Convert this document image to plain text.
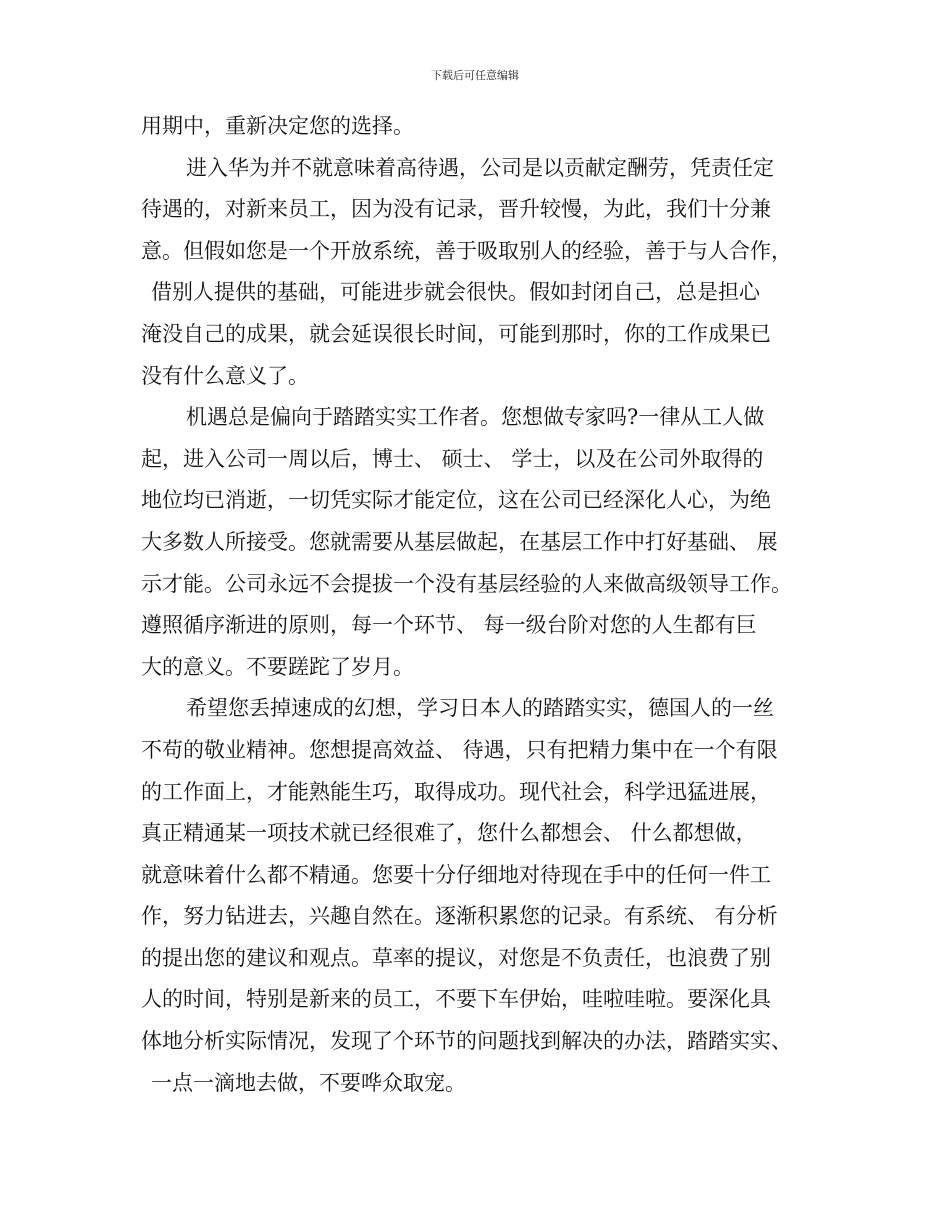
下载后可任意编辑
用期中，重新决定您的选择。
进入华为并不就意味着高待遇，公司是以贡献定酬劳，凭责任定
待遇的，对新来员工，因为没有记录，晋升较慢，为此，我们十分兼
意。但假如您是一个开放系统，善于吸取别人的经验，善于与人合作，
借别人提供的基础，可能进步就会很快。假如封闭自己，总是担心
淹没自己的成果，就会延误很长时间，可能到那时，你的工作成果已
没有什么意义了。
机遇总是偏向于踏踏实实工作者。您想做专家吗?一律从工人做
起，进入公司一周以后，博士、 硕士、 学士，以及在公司外取得的
地位均已消逝，一切凭实际才能定位，这在公司已经深化人心，为绝
大多数人所接受。您就需要从基层做起，在基层工作中打好基础、 展
示才能。公司永远不会提拔一个没有基层经验的人来做高级领导工作。
遵照循序渐进的原则，每一个环节、 每一级台阶对您的人生都有巨
大的意义。不要蹉跎了岁月。
希望您丢掉速成的幻想，学习日本人的踏踏实实，德国人的一丝
不苟的敬业精神。您想提高效益、 待遇，只有把精力集中在一个有限
的工作面上，才能熟能生巧，取得成功。现代社会，科学迅猛进展，
真正精通某一项技术就已经很难了，您什么都想会、 什么都想做，
就意味着什么都不精通。您要十分仔细地对待现在手中的任何一件工
作，努力钻进去，兴趣自然在。逐渐积累您的记录。有系统、 有分析
的提出您的建议和观点。草率的提议，对您是不负责任，也浪费了别
人的时间，特别是新来的员工，不要下车伊始，哇啦哇啦。要深化具
体地分析实际情况，发现了个环节的问题找到解决的办法，踏踏实实、
一点一滴地去做，不要哗众取宠。
